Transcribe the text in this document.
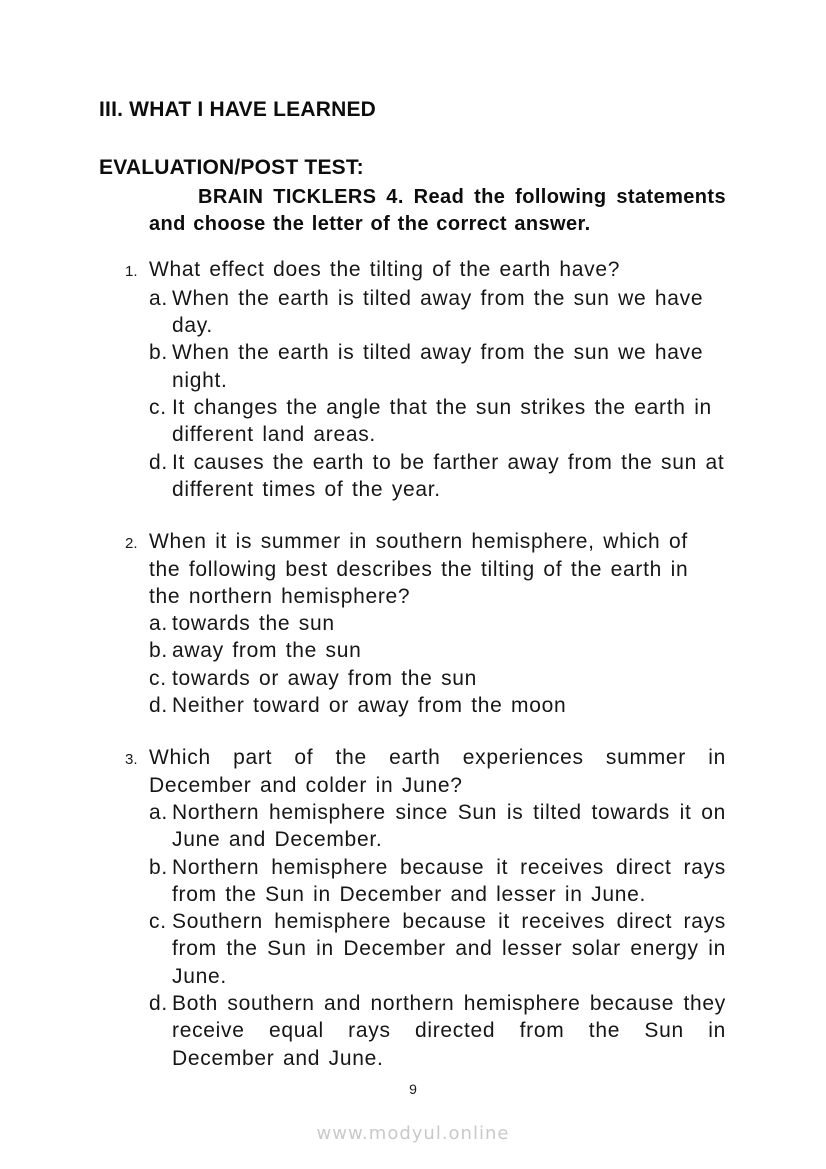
III. WHAT I HAVE LEARNED
EVALUATION/POST TEST:

BRAIN TICKLERS 4. Read the following statements and choose the letter of the correct answer.

1. What effect does the tilting of the earth have?
a. When the earth is tilted away from the sun we have day.
b. When the earth is tilted away from the sun we have night.
c. It changes the angle that the sun strikes the earth in different land areas.
d. It causes the earth to be farther away from the sun at different times of the year.
2. When it is summer in southern hemisphere, which of the following best describes the tilting of the earth in the northern hemisphere?
a. towards the sun
b. away from the sun
c. towards or away from the sun
d. Neither toward or away from the moon
3. Which part of the earth experiences summer in December and colder in June?
a. Northern hemisphere since Sun is tilted towards it on June and December.
b. Northern hemisphere because it receives direct rays from the Sun in December and lesser in June.
c. Southern hemisphere because it receives direct rays from the Sun in December and lesser solar energy in June.
d. Both southern and northern hemisphere because they receive equal rays directed from the Sun in December and June.
9
www.modyul.online
